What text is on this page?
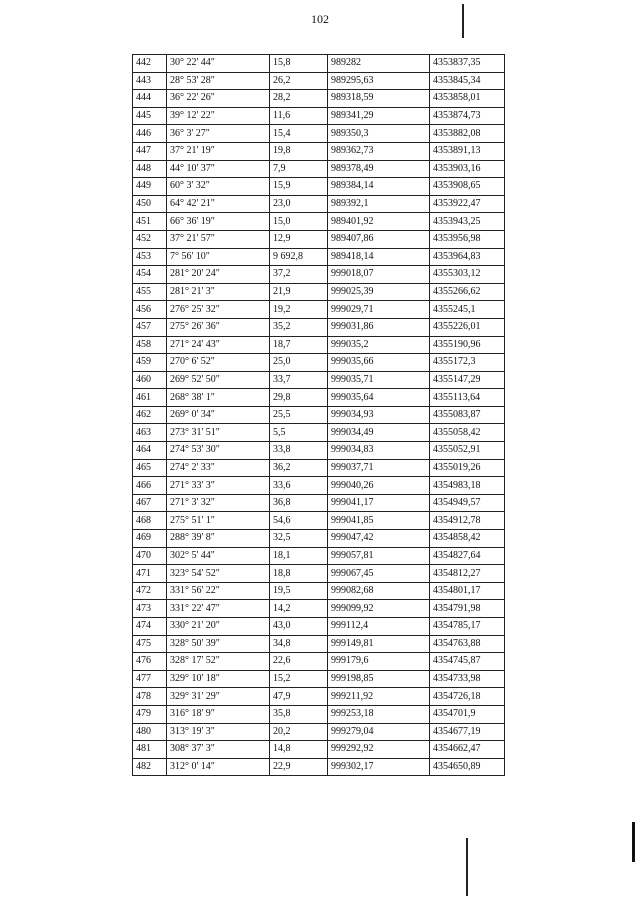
102
442	30° 22' 44"	15,8	989282	4353837,35
443	28° 53' 28"	26,2	989295,63	4353845,34
444	36° 22' 26"	28,2	989318,59	4353858,01
445	39° 12' 22"	11,6	989341,29	4353874,73
446	36° 3' 27"	15,4	989350,3	4353882,08
447	37° 21' 19"	19,8	989362,73	4353891,13
448	44° 10' 37"	7,9	989378,49	4353903,16
449	60° 3' 32"	15,9	989384,14	4353908,65
450	64° 42' 21"	23,0	989392,1	4353922,47
451	66° 36' 19"	15,0	989401,92	4353943,25
452	37° 21' 57"	12,9	989407,86	4353956,98
453	7° 56' 10"	9 692,8	989418,14	4353964,83
454	281° 20' 24"	37,2	999018,07	4355303,12
455	281° 21' 3"	21,9	999025,39	4355266,62
456	276° 25' 32"	19,2	999029,71	4355245,1
457	275° 26' 36"	35,2	999031,86	4355226,01
458	271° 24' 43"	18,7	999035,2	4355190,96
459	270° 6' 52"	25,0	999035,66	4355172,3
460	269° 52' 50"	33,7	999035,71	4355147,29
461	268° 38' 1"	29,8	999035,64	4355113,64
462	269° 0' 34"	25,5	999034,93	4355083,87
463	273° 31' 51"	5,5	999034,49	4355058,42
464	274° 53' 30"	33,8	999034,83	4355052,91
465	274° 2' 33"	36,2	999037,71	4355019,26
466	271° 33' 3"	33,6	999040,26	4354983,18
467	271° 3' 32"	36,8	999041,17	4354949,57
468	275° 51' 1"	54,6	999041,85	4354912,78
469	288° 39' 8"	32,5	999047,42	4354858,42
470	302° 5' 44"	18,1	999057,81	4354827,64
471	323° 54' 52"	18,8	999067,45	4354812,27
472	331° 56' 22"	19,5	999082,68	4354801,17
473	331° 22' 47"	14,2	999099,92	4354791,98
474	330° 21' 20"	43,0	999112,4	4354785,17
475	328° 50' 39"	34,8	999149,81	4354763,88
476	328° 17' 52"	22,6	999179,6	4354745,87
477	329° 10' 18"	15,2	999198,85	4354733,98
478	329° 31' 29"	47,9	999211,92	4354726,18
479	316° 18' 9"	35,8	999253,18	4354701,9
480	313° 19' 3"	20,2	999279,04	4354677,19
481	308° 37' 3"	14,8	999292,92	4354662,47
482	312° 0' 14"	22,9	999302,17	4354650,89
